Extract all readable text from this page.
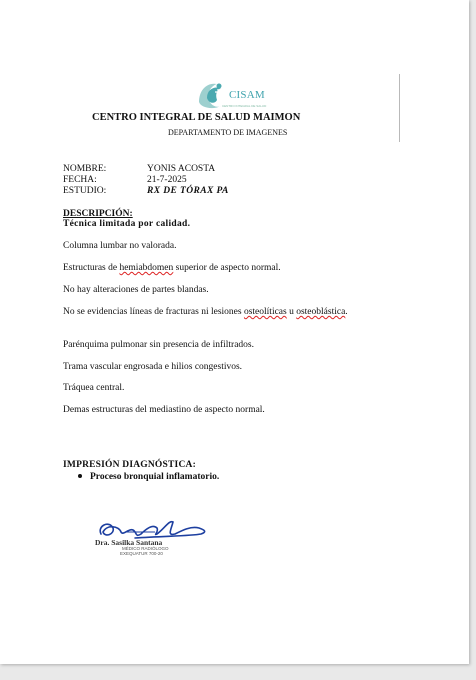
CISAM
CENTRO INTEGRAL DE SALUD
CENTRO INTEGRAL DE SALUD MAIMON
DEPARTAMENTO DE IMAGENES
NOMBRE:	YONIS ACOSTA
FECHA:	21-7-2025
ESTUDIO:	RX DE TÓRAX PA
DESCRIPCIÓN:
Técnica limitada por calidad.
Columna lumbar no valorada.
Estructuras de hemiabdomen superior de aspecto normal.
No hay alteraciones de partes blandas.
No se evidencias líneas de fracturas ni lesiones osteolíticas u osteoblástica.
Parénquima pulmonar sin presencia de infiltrados.
Trama vascular engrosada e hilios congestivos.
Tráquea central.
Demas estructuras del mediastino de aspecto normal.
IMPRESIÓN DIAGNÓSTICA:
Proceso bronquial inflamatorio.
Dra. Sasilka Santana
MÉDICO RADIÓLOGO
EXEQUATUR 700-20
